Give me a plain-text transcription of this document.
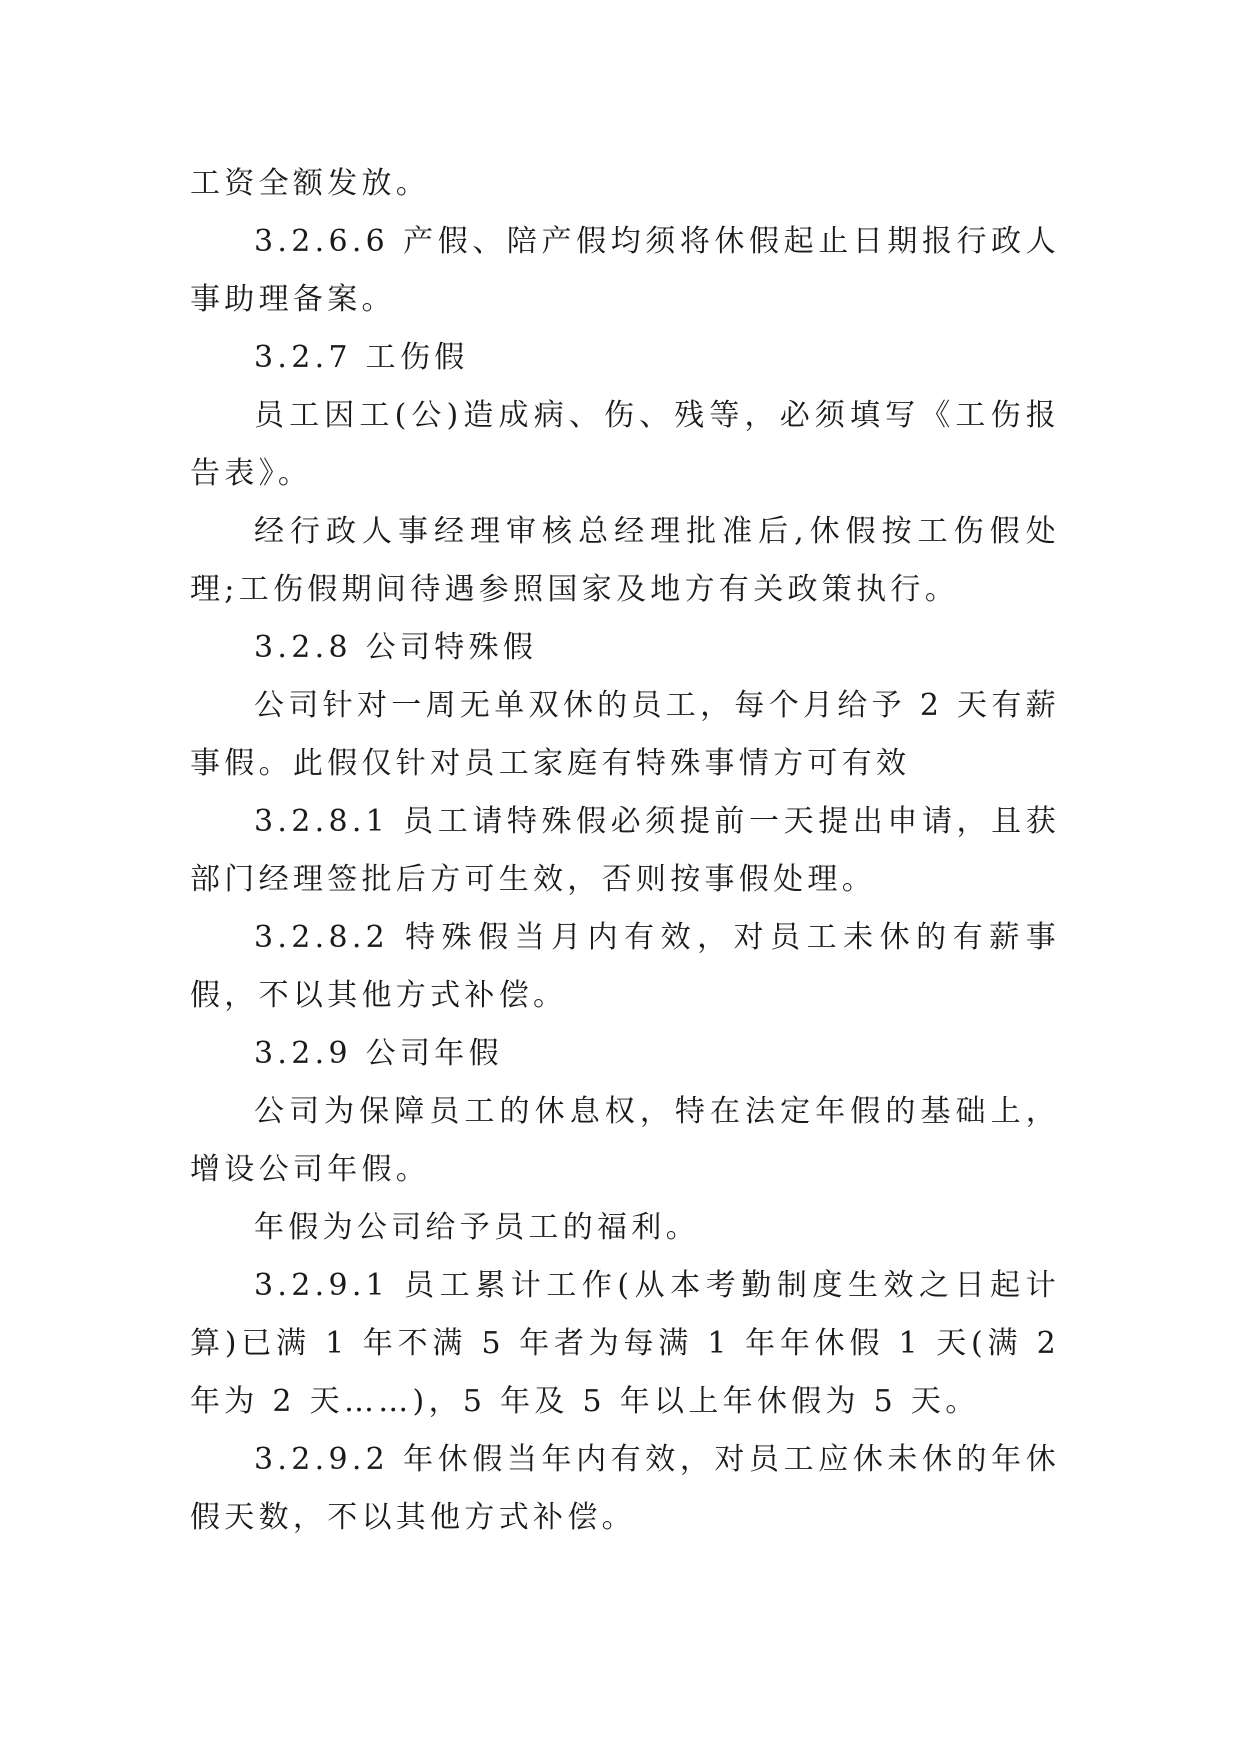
工资全额发放。

3.2.6.6 产假、陪产假均须将休假起止日期报行政人事助理备案。

3.2.7 工伤假

员工因工(公)造成病、伤、残等，必须填写《工伤报告表》。

经行政人事经理审核总经理批准后,休假按工伤假处理;工伤假期间待遇参照国家及地方有关政策执行。

3.2.8 公司特殊假

公司针对一周无单双休的员工，每个月给予 2 天有薪事假。此假仅针对员工家庭有特殊事情方可有效

3.2.8.1 员工请特殊假必须提前一天提出申请，且获部门经理签批后方可生效，否则按事假处理。

3.2.8.2 特殊假当月内有效，对员工未休的有薪事假，不以其他方式补偿。

3.2.9 公司年假

公司为保障员工的休息权，特在法定年假的基础上，增设公司年假。

年假为公司给予员工的福利。

3.2.9.1 员工累计工作(从本考勤制度生效之日起计算)已满 1 年不满 5 年者为每满 1 年年休假 1 天(满 2 年为 2 天……)，5 年及 5 年以上年休假为 5 天。

3.2.9.2 年休假当年内有效，对员工应休未休的年休假天数，不以其他方式补偿。
